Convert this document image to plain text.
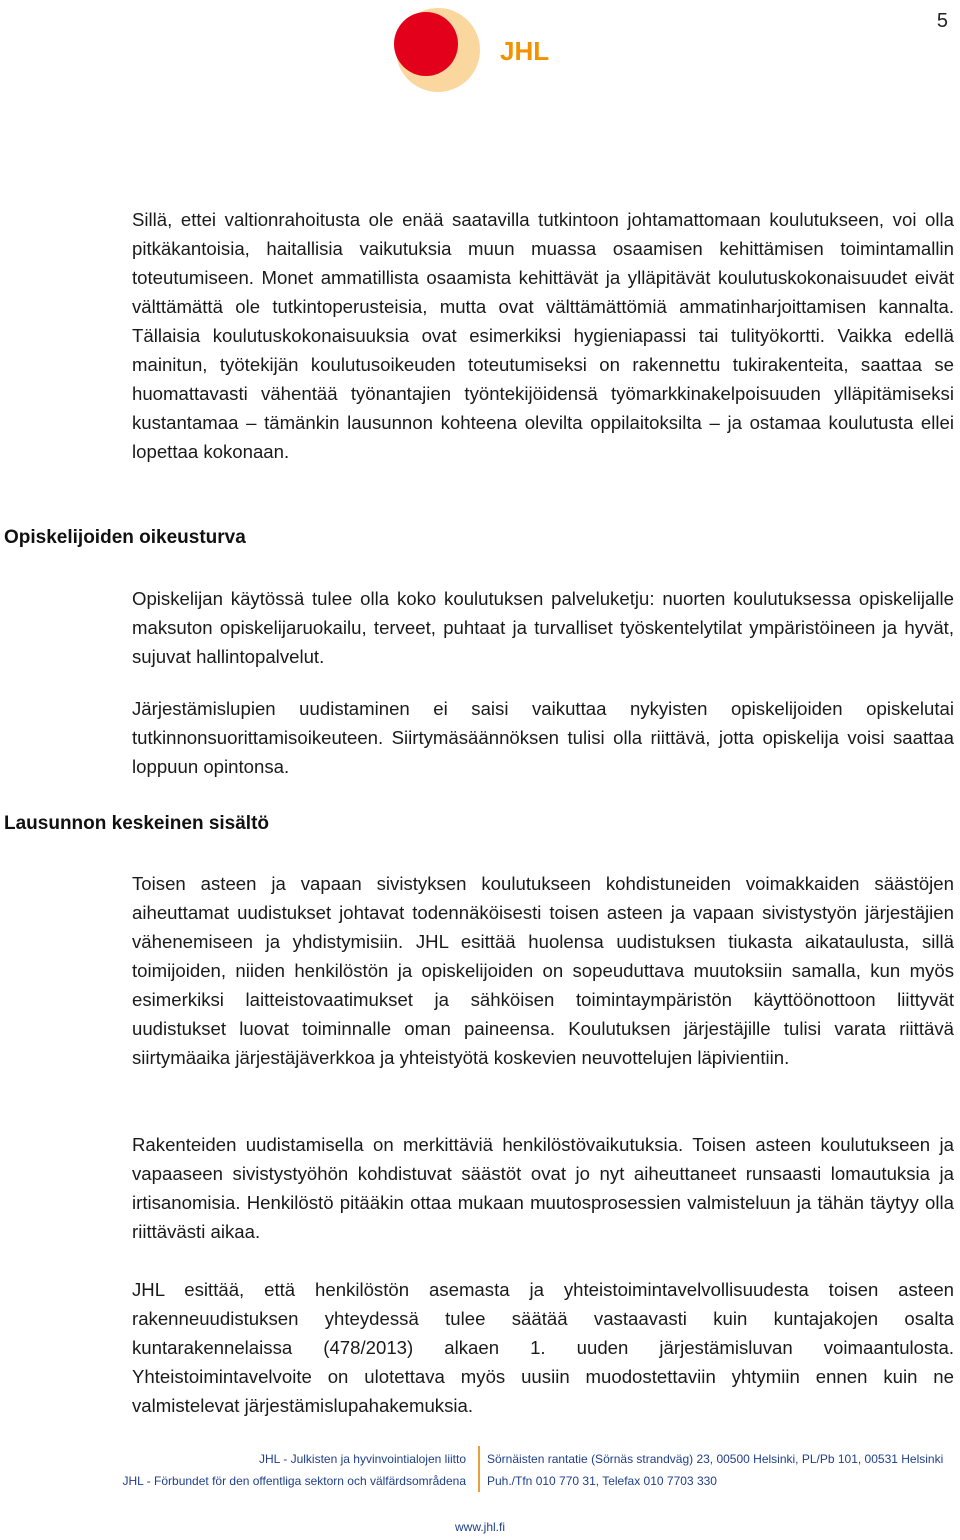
5
JHL

Sillä, ettei valtionrahoitusta ole enää saatavilla tutkintoon johtamattomaan koulutukseen, voi olla pitkäkantoisia, haitallisia vaikutuksia muun muassa osaamisen kehittämisen toimintamallin toteutumiseen. Monet ammatillista osaamista kehittävät ja ylläpitävät koulutuskokonaisuudet eivät välttämättä ole tutkintoperusteisia, mutta ovat välttämättömiä ammatinharjoittamisen kannalta. Tällaisia koulutuskokonaisuuksia ovat esimerkiksi hygieniapassi tai tulityökortti. Vaikka edellä mainitun, työtekijän koulutusoikeuden toteutumiseksi on rakennettu tukirakenteita, saattaa se huomattavasti vähentää työnantajien työntekijöidensä työmarkkinakelpoisuuden ylläpitämiseksi kustantamaa – tämänkin lausunnon kohteena olevilta oppilaitoksilta – ja ostamaa koulutusta ellei lopettaa kokonaan.

Opiskelijoiden oikeusturva

Opiskelijan käytössä tulee olla koko koulutuksen palveluketju: nuorten koulutuksessa opiskelijalle maksuton opiskelijaruokailu, terveet, puhtaat ja turvalliset työskentelytilat ympäristöineen ja hyvät, sujuvat hallintopalvelut.

Järjestämislupien uudistaminen ei saisi vaikuttaa nykyisten opiskelijoiden opiskelutai tutkinnonsuorittamisoikeuteen. Siirtymäsäännöksen tulisi olla riittävä, jotta opiskelija voisi saattaa loppuun opintonsa.

Lausunnon keskeinen sisältö

Toisen asteen ja vapaan sivistyksen koulutukseen kohdistuneiden voimakkaiden säästöjen aiheuttamat uudistukset johtavat todennäköisesti toisen asteen ja vapaan sivistystyön järjestäjien vähenemiseen ja yhdistymisiin. JHL esittää huolensa uudistuksen tiukasta aikataulusta, sillä toimijoiden, niiden henkilöstön ja opiskelijoiden on sopeuduttava muutoksiin samalla, kun myös esimerkiksi laitteistovaatimukset ja sähköisen toimintaympäristön käyttöönottoon liittyvät uudistukset luovat toiminnalle oman paineensa. Koulutuksen järjestäjille tulisi varata riittävä siirtymäaika järjestäjäverkkoa ja yhteistyötä koskevien neuvottelujen läpivientiin.

Rakenteiden uudistamisella on merkittäviä henkilöstövaikutuksia. Toisen asteen koulutukseen ja vapaaseen sivistystyöhön kohdistuvat säästöt ovat jo nyt aiheuttaneet runsaasti lomautuksia ja irtisanomisia. Henkilöstö pitääkin ottaa mukaan muutosprosessien valmisteluun ja tähän täytyy olla riittävästi aikaa.

JHL esittää, että henkilöstön asemasta ja yhteistoimintavelvollisuudesta toisen asteen rakenneuudistuksen yhteydessä tulee säätää vastaavasti kuin kuntajakojen osalta kuntarakennelaissa (478/2013) alkaen 1. uuden järjestämisluvan voimaantulosta. Yhteistoimintavelvoite on ulotettava myös uusiin muodostettaviin yhtymiin ennen kuin ne valmistelevat järjestämislupahakemuksia.

JHL - Julkisten ja hyvinvointialojen liitto
JHL - Förbundet för den offentliga sektorn och välfärdsområdena
Sörnäisten rantatie (Sörnäs strandväg) 23, 00500 Helsinki, PL/Pb 101, 00531 Helsinki
Puh./Tfn 010 770 31, Telefax 010 7703 330
www.jhl.fi
